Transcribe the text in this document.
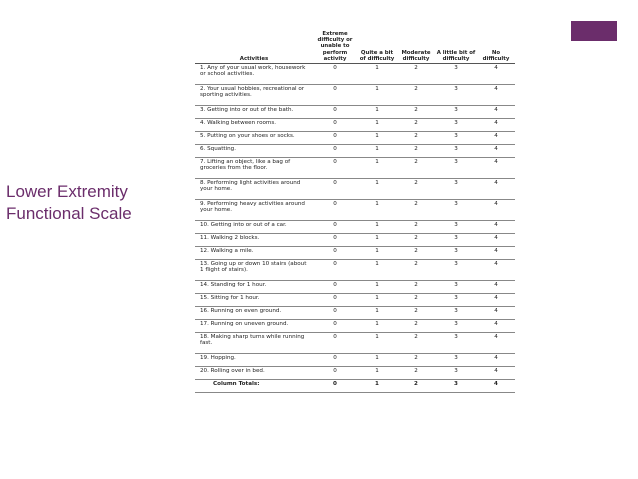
Lower Extremity
Functional Scale
Activities	Extreme difficulty or unable to perform activity	Quite a bit of difficulty	Moderate difficulty	A little bit of difficulty	No difficulty
1. Any of your usual work, housework or school activities.	0	1	2	3	4
2. Your usual hobbies, recreational or sporting activities.	0	1	2	3	4
3. Getting into or out of the bath.	0	1	2	3	4
4. Walking between rooms.	0	1	2	3	4
5. Putting on your shoes or socks.	0	1	2	3	4
6. Squatting.	0	1	2	3	4
7. Lifting an object, like a bag of groceries from the floor.	0	1	2	3	4
8. Performing light activities around your home.	0	1	2	3	4
9. Performing heavy activities around your home.	0	1	2	3	4
10. Getting into or out of a car.	0	1	2	3	4
11. Walking 2 blocks.	0	1	2	3	4
12. Walking a mile.	0	1	2	3	4
13. Going up or down 10 stairs (about 1 flight of stairs).	0	1	2	3	4
14. Standing for 1 hour.	0	1	2	3	4
15. Sitting for 1 hour.	0	1	2	3	4
16. Running on even ground.	0	1	2	3	4
17. Running on uneven ground.	0	1	2	3	4
18. Making sharp turns while running fast.	0	1	2	3	4
19. Hopping.	0	1	2	3	4
20. Rolling over in bed.	0	1	2	3	4
Column Totals:	0	1	2	3	4
